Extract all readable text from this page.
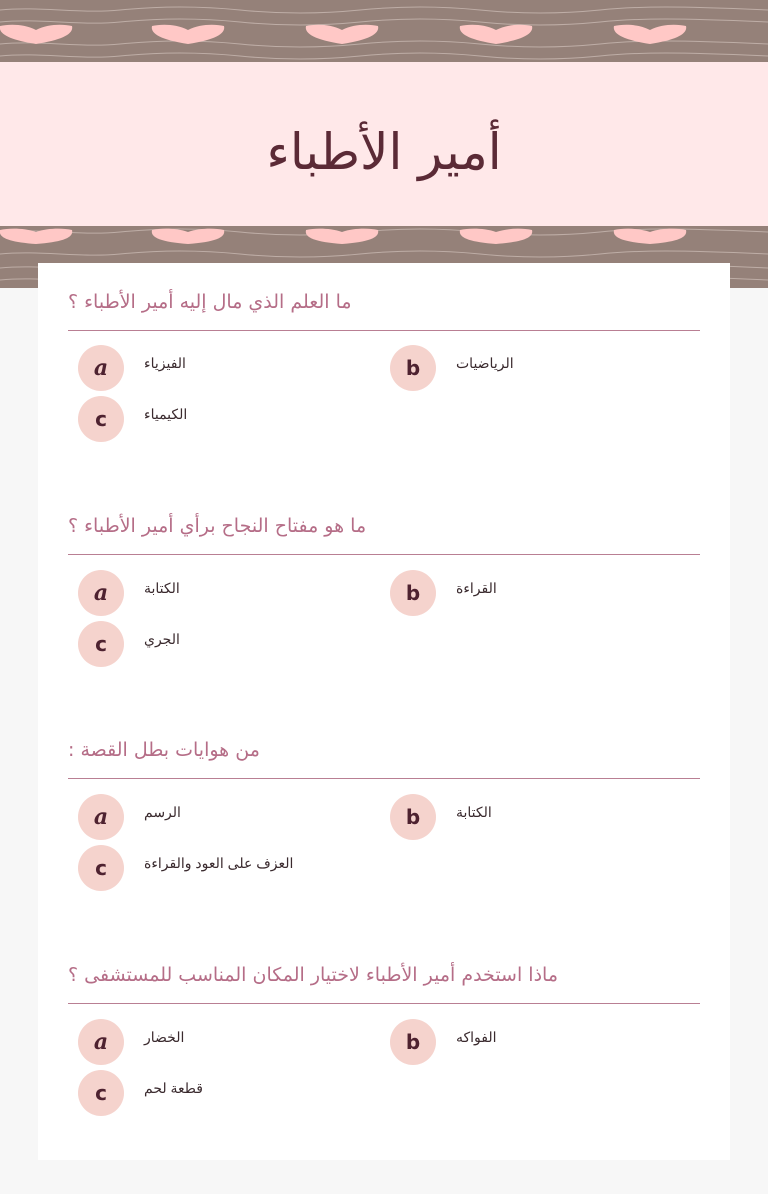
أمير الأطباء

ما العلم الذي مال إليه أمير الأطباء ؟

a	الفيزياء	b	الرياضيات
c	الكيمياء

ما هو مفتاح النجاح برأي أمير الأطباء ؟

a	الكتابة	b	القراءة
c	الجري

من هوايات بطل القصة :

a	الرسم	b	الكتابة
c	العزف على العود والقراءة

ماذا استخدم أمير الأطباء لاختيار المكان المناسب للمستشفى ؟

a	الخضار	b	الفواكه
c	قطعة لحم
